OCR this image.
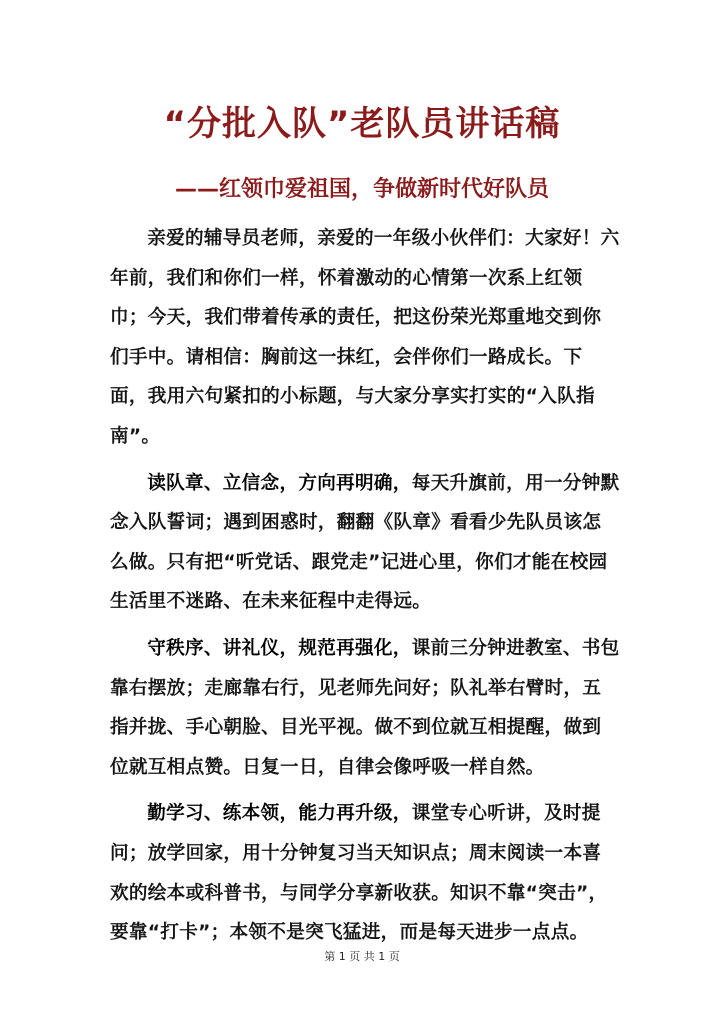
“分批入队”老队员讲话稿
——红领巾爱祖国，争做新时代好队员

亲爱的辅导员老师，亲爱的一年级小伙伴们：大家好！六年前，我们和你们一样，怀着激动的心情第一次系上红领巾；今天，我们带着传承的责任，把这份荣光郑重地交到你们手中。请相信：胸前这一抹红，会伴你们一路成长。下面，我用六句紧扣的小标题，与大家分享实打实的“入队指南”。

读队章、立信念，方向再明确，每天升旗前，用一分钟默念入队誓词；遇到困惑时，翻翻《队章》看看少先队员该怎么做。只有把“听党话、跟党走”记进心里，你们才能在校园生活里不迷路、在未来征程中走得远。

守秩序、讲礼仪，规范再强化，课前三分钟进教室、书包靠右摆放；走廊靠右行，见老师先问好；队礼举右臂时，五指并拢、手心朝脸、目光平视。做不到位就互相提醒，做到位就互相点赞。日复一日，自律会像呼吸一样自然。

勤学习、练本领，能力再升级，课堂专心听讲，及时提问；放学回家，用十分钟复习当天知识点；周末阅读一本喜欢的绘本或科普书，与同学分享新收获。知识不靠“突击”，要靠“打卡”；本领不是突飞猛进，而是每天进步一点点。

第 1 页 共 1 页
